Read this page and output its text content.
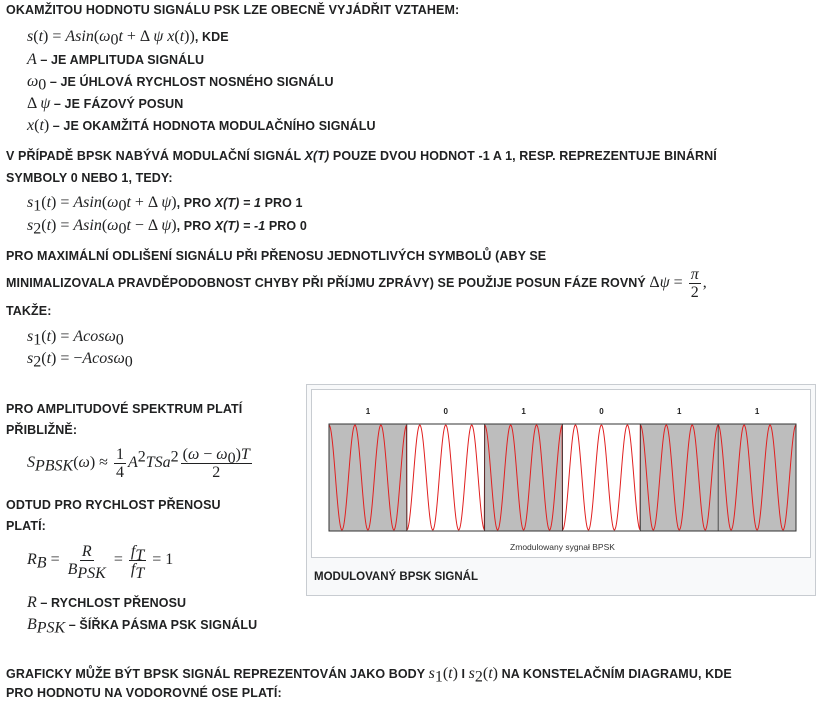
OKAMŽITOU HODNOTU SIGNÁLU PSK LZE OBECNĚ VYJÁDŘIT VZTAHEM:
$s(t) = Asin(\omega_0t + \Delta$ ψ x(t)), KDE
A – JE AMPLITUDA SIGNÁLU
$\omega_0$ – JE ÚHLOVÁ RYCHLOST NOSNÉHO SIGNÁLU
Δ ψ – JE FÁZOVÝ POSUN
x(t) – JE OKAMŽITÁ HODNOTA MODULAČNÍHO SIGNÁLU
V PŘÍPADĚ BPSK NABÝVÁ MODULAČNÍ SIGNÁL X(T) POUZE DVOU HODNOT -1 A 1, RESP. REPREZENTUJE BINÁRNÍ
SYMBOLY 0 NEBO 1, TEDY:
$s_1(t) = Asin(\omega_0t + \Delta$ ψ), PRO X(T) = 1 PRO 1
$s_2(t) = Asin(\omega_0t - \Delta$ ψ), PRO X(T) = -1 PRO 0
PRO MAXIMÁLNÍ ODLIŠENÍ SIGNÁLU PŘI PŘENOSU JEDNOTLIVÝCH SYMBOLŮ (ABY SE
MINIMALIZOVALA PRAVDĚPODOBNOST CHYBY PŘI PŘÍJMU ZPRÁVY) SE POUŽIJE POSUN FÁZE ROVNÝ $\Delta\psi = \frac{\pi}{2}$ ,
TAKŽE:
$s_1(t) = Acos\omega_0$
$s_2(t) = -Acos\omega_0$
PRO AMPLITUDOVÉ SPEKTRUM PLATÍ
PŘIBLIŽNĚ:
$S_{PBSK}(\omega) \approx \frac{1}{4} A^2TSa^2 \frac{(\omega - \omega_0)T}{2}$
ODTUD PRO RYCHLOST PŘENOSU
PLATÍ:
$R_B = \frac{R}{B_{PSK}} = \frac{f_T}{f_T} = 1$
R – RYCHLOST PŘENOSU
$B_{PSK}$ – ŠÍŘKA PÁSMA PSK SIGNÁLU
GRAFICKY MŮŽE BÝT BPSK SIGNÁL REPREZENTOVÁN JAKO BODY $s_1(t)$ I $s_2(t)$ NA KONSTELAČNÍM DIAGRAMU, KDE
PRO HODNOTU NA VODOROVNÉ OSE PLATÍ:
1	0	1	0	1	1
Zmodulowany sygnał BPSK
MODULOVANÝ BPSK SIGNÁL
